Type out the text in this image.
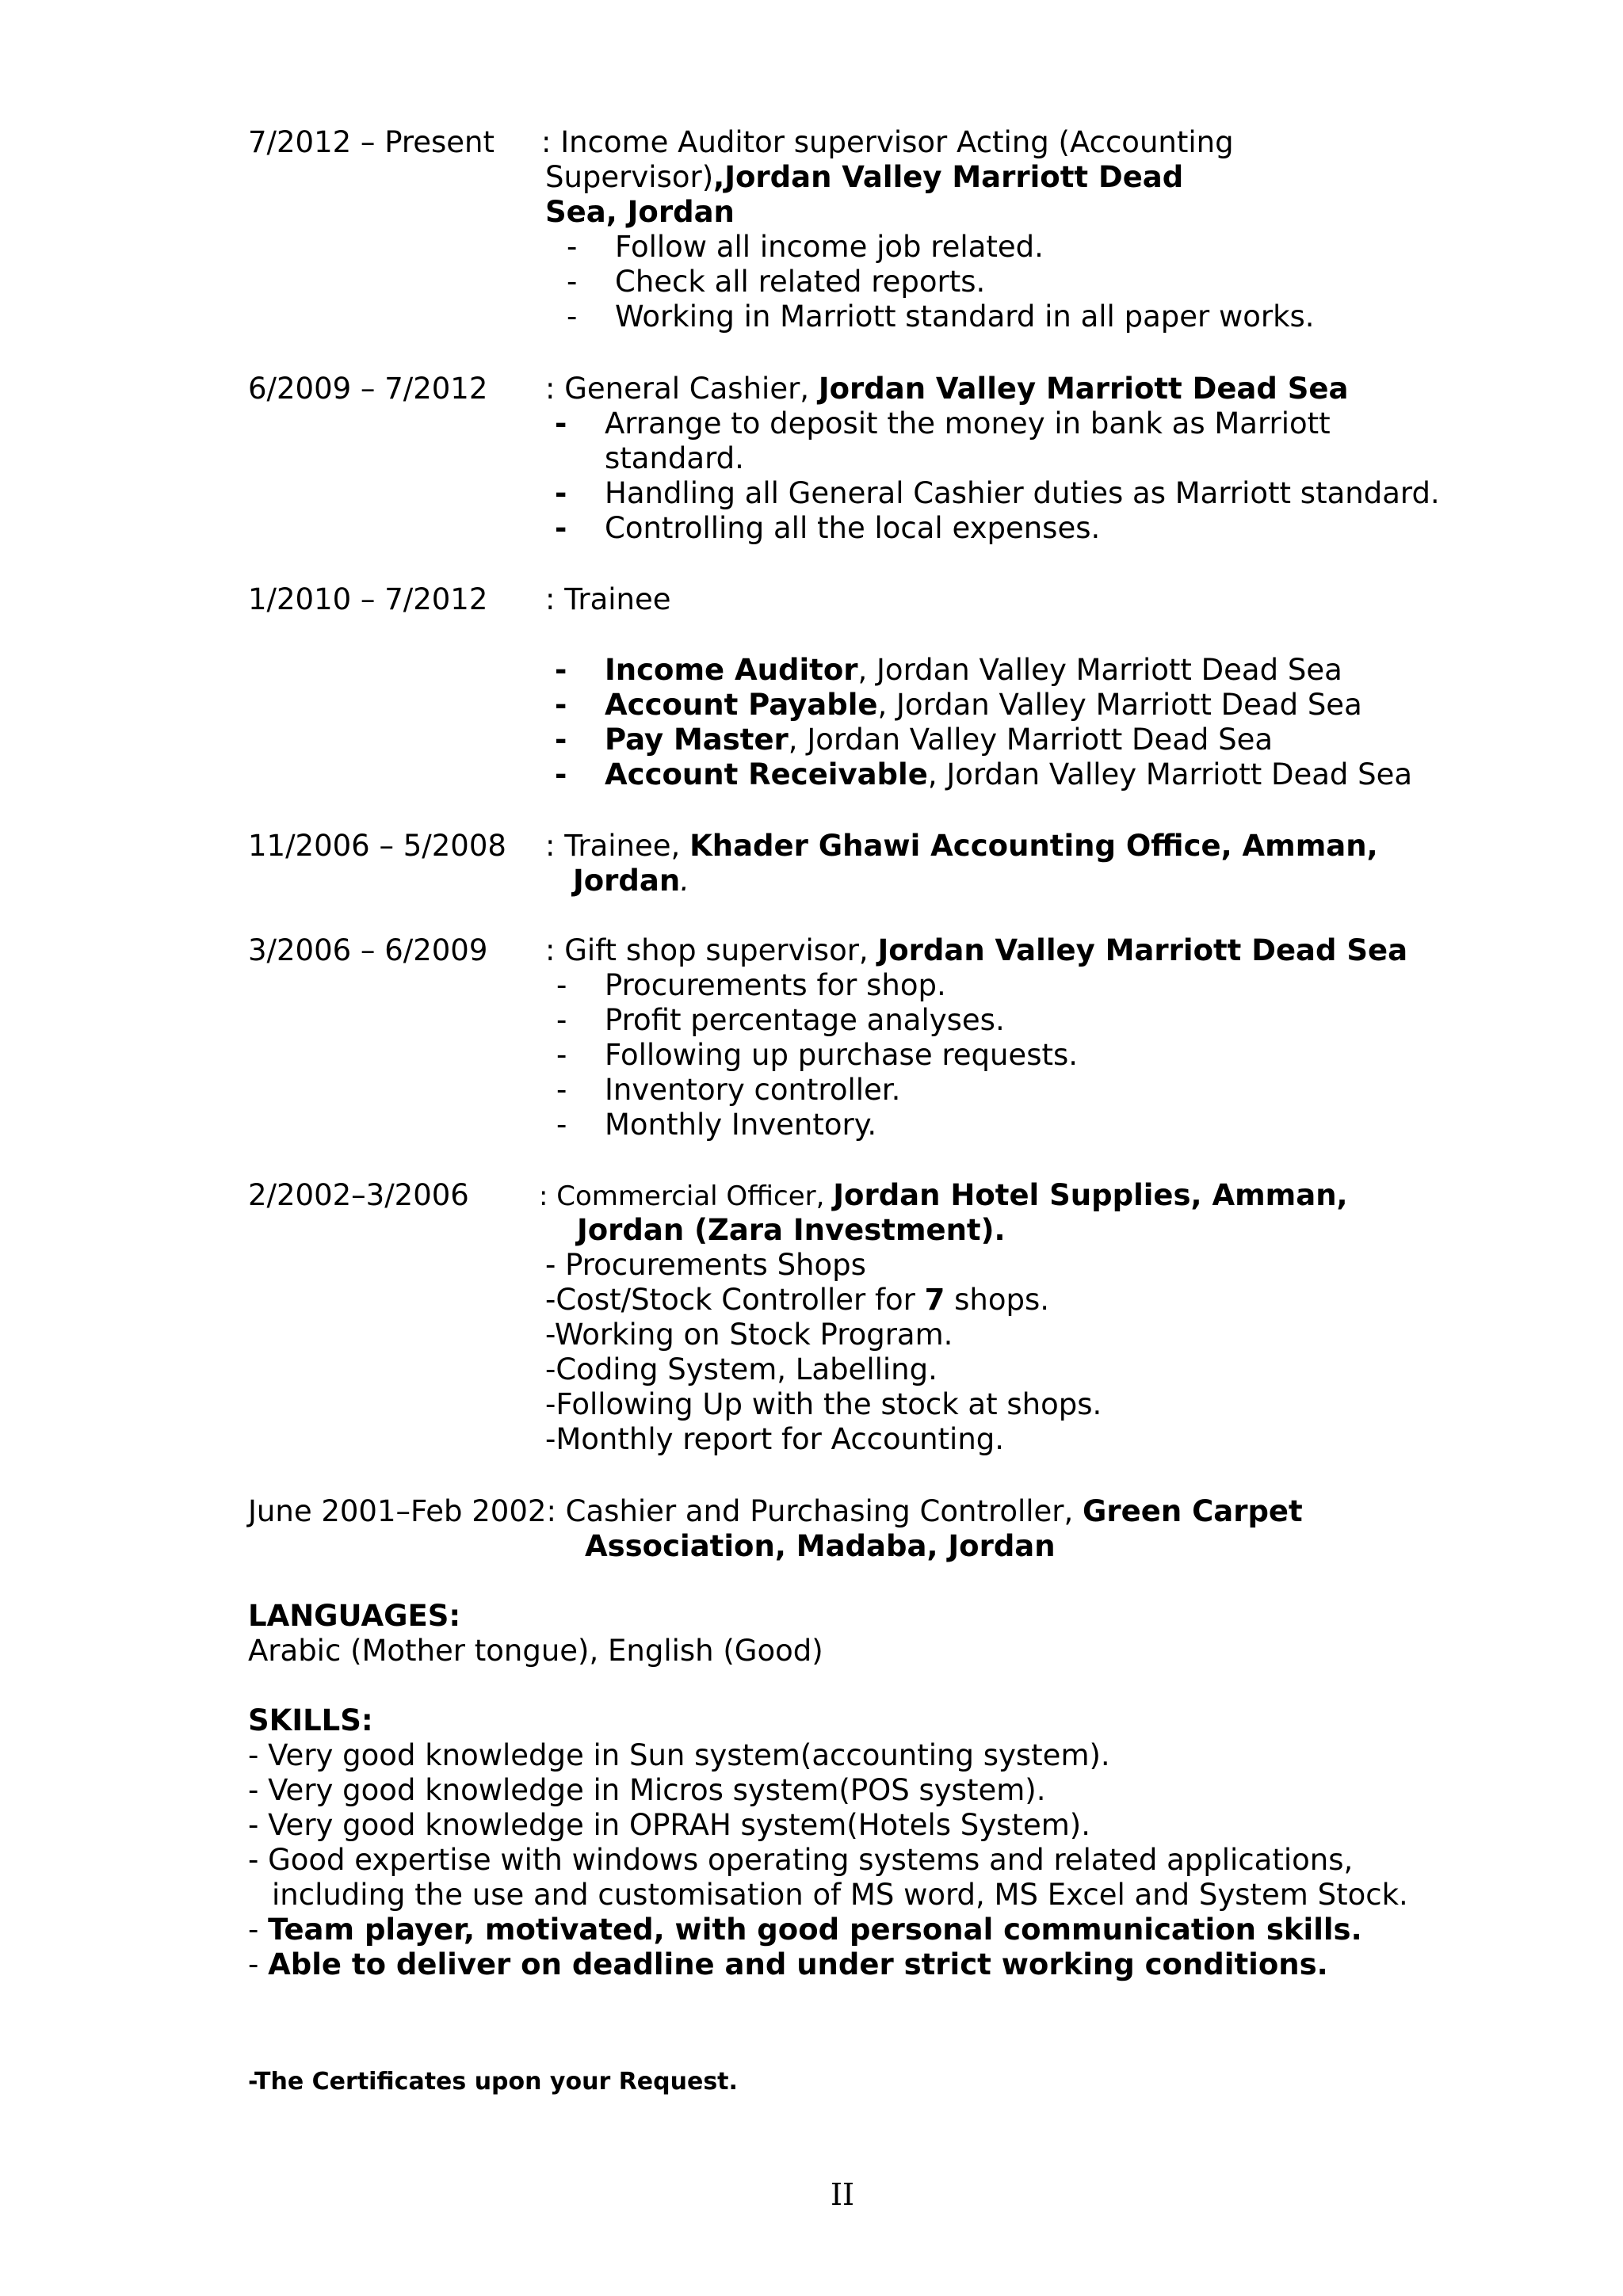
7/2012 – Present : Income Auditor supervisor Acting (Accounting
Supervisor),Jordan Valley Marriott Dead
Sea, Jordan
- Follow all income job related.
- Check all related reports.
- Working in Marriott standard in all paper works.
6/2009 – 7/2012 : General Cashier, Jordan Valley Marriott Dead Sea
- Arrange to deposit the money in bank as Marriott
standard.
- Handling all General Cashier duties as Marriott standard.
- Controlling all the local expenses.
1/2010 – 7/2012 : Trainee
- Income Auditor, Jordan Valley Marriott Dead Sea
- Account Payable, Jordan Valley Marriott Dead Sea
- Pay Master, Jordan Valley Marriott Dead Sea
- Account Receivable, Jordan Valley Marriott Dead Sea
11/2006 – 5/2008 : Trainee, Khader Ghawi Accounting Office, Amman,
Jordan.
3/2006 – 6/2009 : Gift shop supervisor, Jordan Valley Marriott Dead Sea
- Procurements for shop.
- Profit percentage analyses.
- Following up purchase requests.
- Inventory controller.
- Monthly Inventory.
2/2002–3/2006	: Commercial Officer, Jordan Hotel Supplies, Amman,
Jordan (Zara Investment).
- Procurements Shops
-Cost/Stock Controller for 7 shops.
-Working on Stock Program.
-Coding System, Labelling.
-Following Up with the stock at shops.
-Monthly report for Accounting.
June 2001–Feb 2002: Cashier and Purchasing Controller, Green Carpet
Association, Madaba, Jordan
LANGUAGES:
Arabic (Mother tongue), English (Good)
SKILLS:
- Very good knowledge in Sun system(accounting system).
- Very good knowledge in Micros system(POS system).
- Very good knowledge in OPRAH system(Hotels System).
- Good expertise with windows operating systems and related applications,
including the use and customisation of MS word, MS Excel and System Stock.
- Team player, motivated, with good personal communication skills.
- Able to deliver on deadline and under strict working conditions.
-The Certificates upon your Request.
II
